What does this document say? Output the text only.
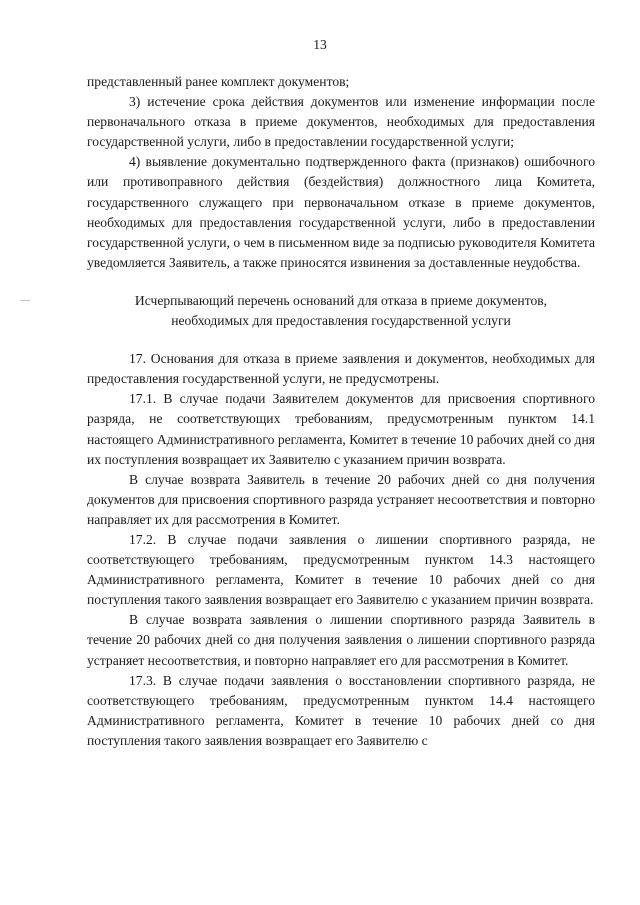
13

представленный ранее комплект документов;

3) истечение срока действия документов или изменение информации после первоначального отказа в приеме документов, необходимых для предоставления государственной услуги, либо в предоставлении государственной услуги;

4) выявление документально подтвержденного факта (признаков) ошибочного или противоправного действия (бездействия) должностного лица Комитета, государственного служащего при первоначальном отказе в приеме документов, необходимых для предоставления государственной услуги, либо в предоставлении государственной услуги, о чем в письменном виде за подписью руководителя Комитета уведомляется Заявитель, а также приносятся извинения за доставленные неудобства.

Исчерпывающий перечень оснований для отказа в приеме документов,
необходимых для предоставления государственной услуги

17. Основания для отказа в приеме заявления и документов, необходимых для предоставления государственной услуги, не предусмотрены.

17.1. В случае подачи Заявителем документов для присвоения спортивного разряда, не соответствующих требованиям, предусмотренным пунктом 14.1 настоящего Административного регламента, Комитет в течение 10 рабочих дней со дня их поступления возвращает их Заявителю с указанием причин возврата.

В случае возврата Заявитель в течение 20 рабочих дней со дня получения документов для присвоения спортивного разряда устраняет несоответствия и повторно направляет их для рассмотрения в Комитет.

17.2. В случае подачи заявления о лишении спортивного разряда, не соответствующего требованиям, предусмотренным пунктом 14.3 настоящего Административного регламента, Комитет в течение 10 рабочих дней со дня поступления такого заявления возвращает его Заявителю с указанием причин возврата.

В случае возврата заявления о лишении спортивного разряда Заявитель в течение 20 рабочих дней со дня получения заявления о лишении спортивного разряда устраняет несоответствия, и повторно направляет его для рассмотрения в Комитет.

17.3. В случае подачи заявления о восстановлении спортивного разряда, не соответствующего требованиям, предусмотренным пунктом 14.4 настоящего Административного регламента, Комитет в течение 10 рабочих дней со дня поступления такого заявления возвращает его Заявителю с
